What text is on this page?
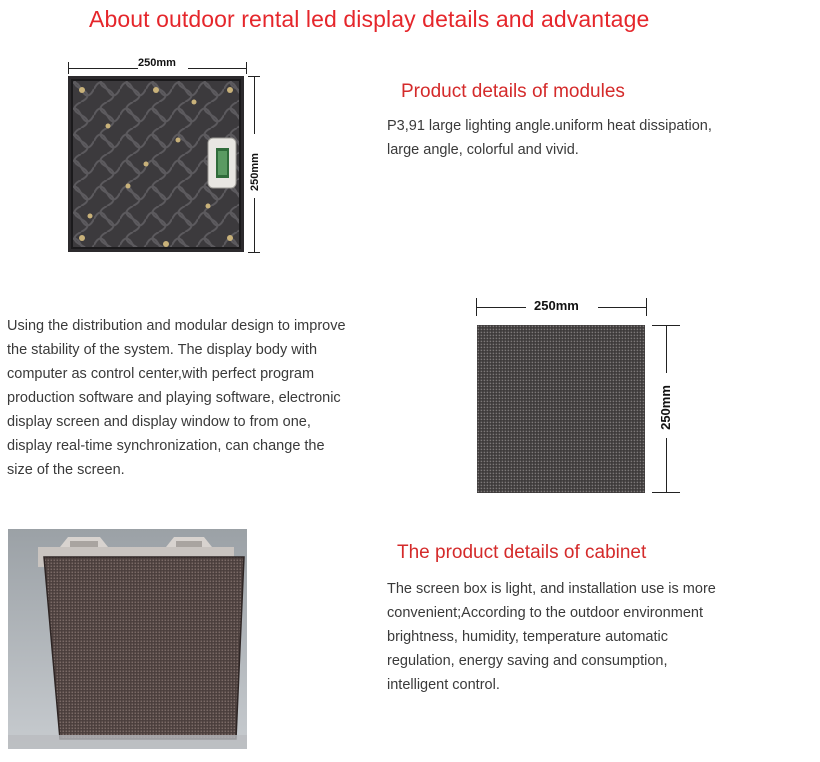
About outdoor rental led display details and advantage
250mm
250mm
Product details of modules
P3,91 large lighting angle.uniform heat dissipation,
large angle, colorful and vivid.
Using the distribution and modular design to improve
the stability of the system. The display body with
computer as control center,with perfect program
production software and playing software, electronic
display screen and display window to from one,
display real-time synchronization, can change the
size of the screen.
250mm
250mm
The product details of cabinet
The screen box is light, and installation use is more
convenient;According to the outdoor environment
brightness, humidity, temperature automatic
regulation, energy saving and consumption,
intelligent control.
